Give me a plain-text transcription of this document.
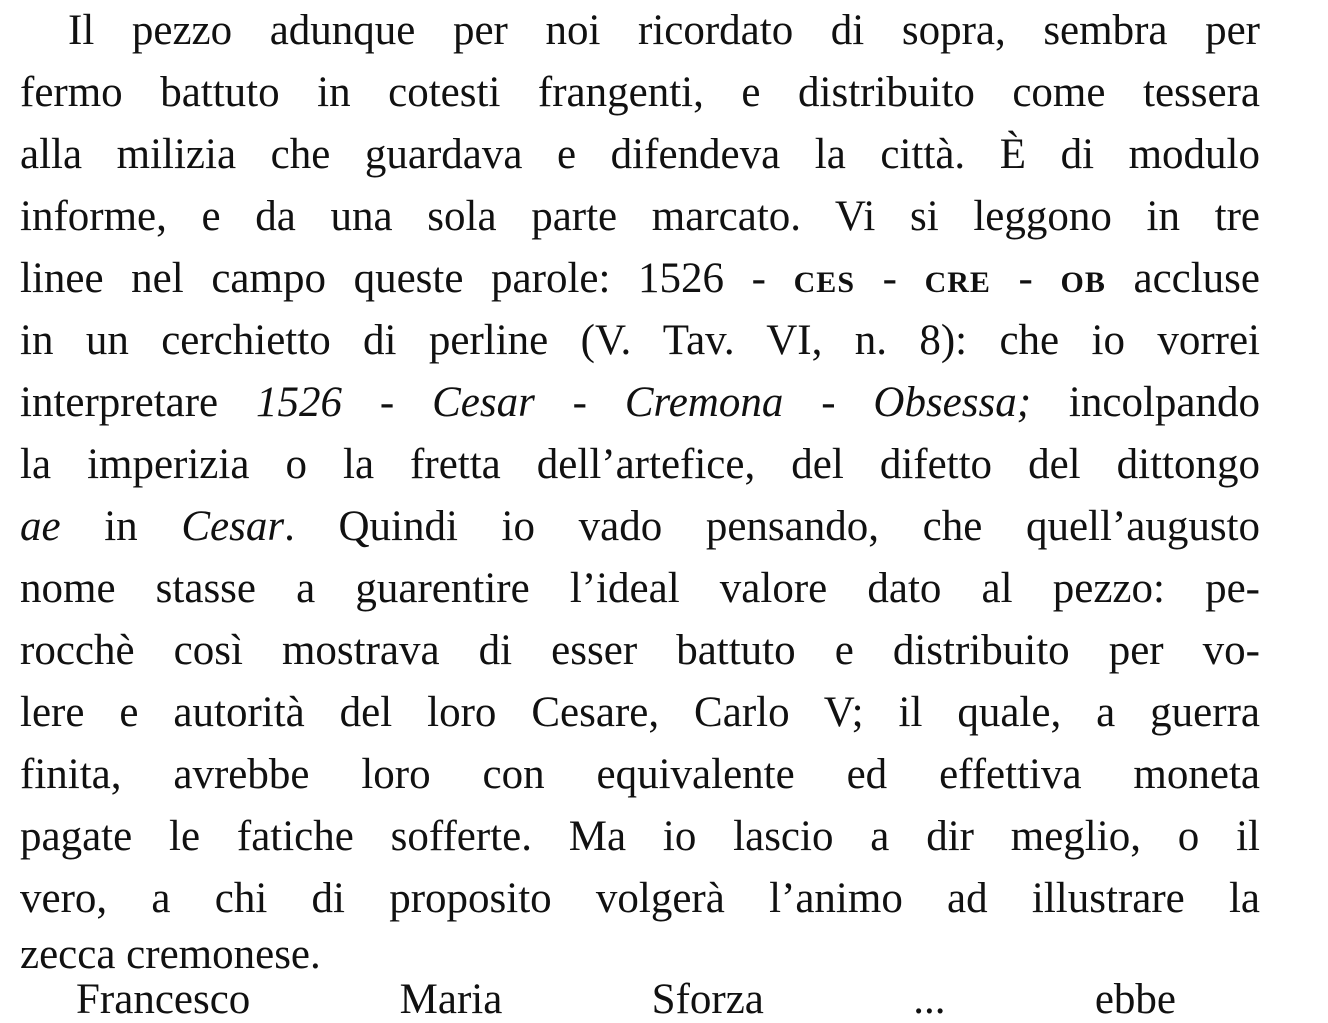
Il pezzo adunque per noi ricordato di sopra, sembra per
fermo battuto in cotesti frangenti, e distribuito come tessera
alla milizia che guardava e difendeva la città. È di modulo
informe, e da una sola parte marcato. Vi si leggono in tre
linee nel campo queste parole: 1526 - CES - CRE - OB accluse
in un cerchietto di perline (V. Tav. VI, n. 8): che io vorrei
interpretare 1526 - Cesar - Cremona - Obsessa; incolpando
la imperizia o la fretta dell’artefice, del difetto del dittongo
ae in Cesar. Quindi io vado pensando, che quell’augusto
nome stasse a guarentire l’ideal valore dato al pezzo: pe-
rocchè così mostrava di esser battuto e distribuito per vo-
lere e autorità del loro Cesare, Carlo V; il quale, a guerra
finita, avrebbe loro con equivalente ed effettiva moneta
pagate le fatiche sofferte. Ma io lascio a dir meglio, o il
vero, a chi di proposito volgerà l’animo ad illustrare la
zecca cremonese.
Francesco Maria Sforza ... ebbe
